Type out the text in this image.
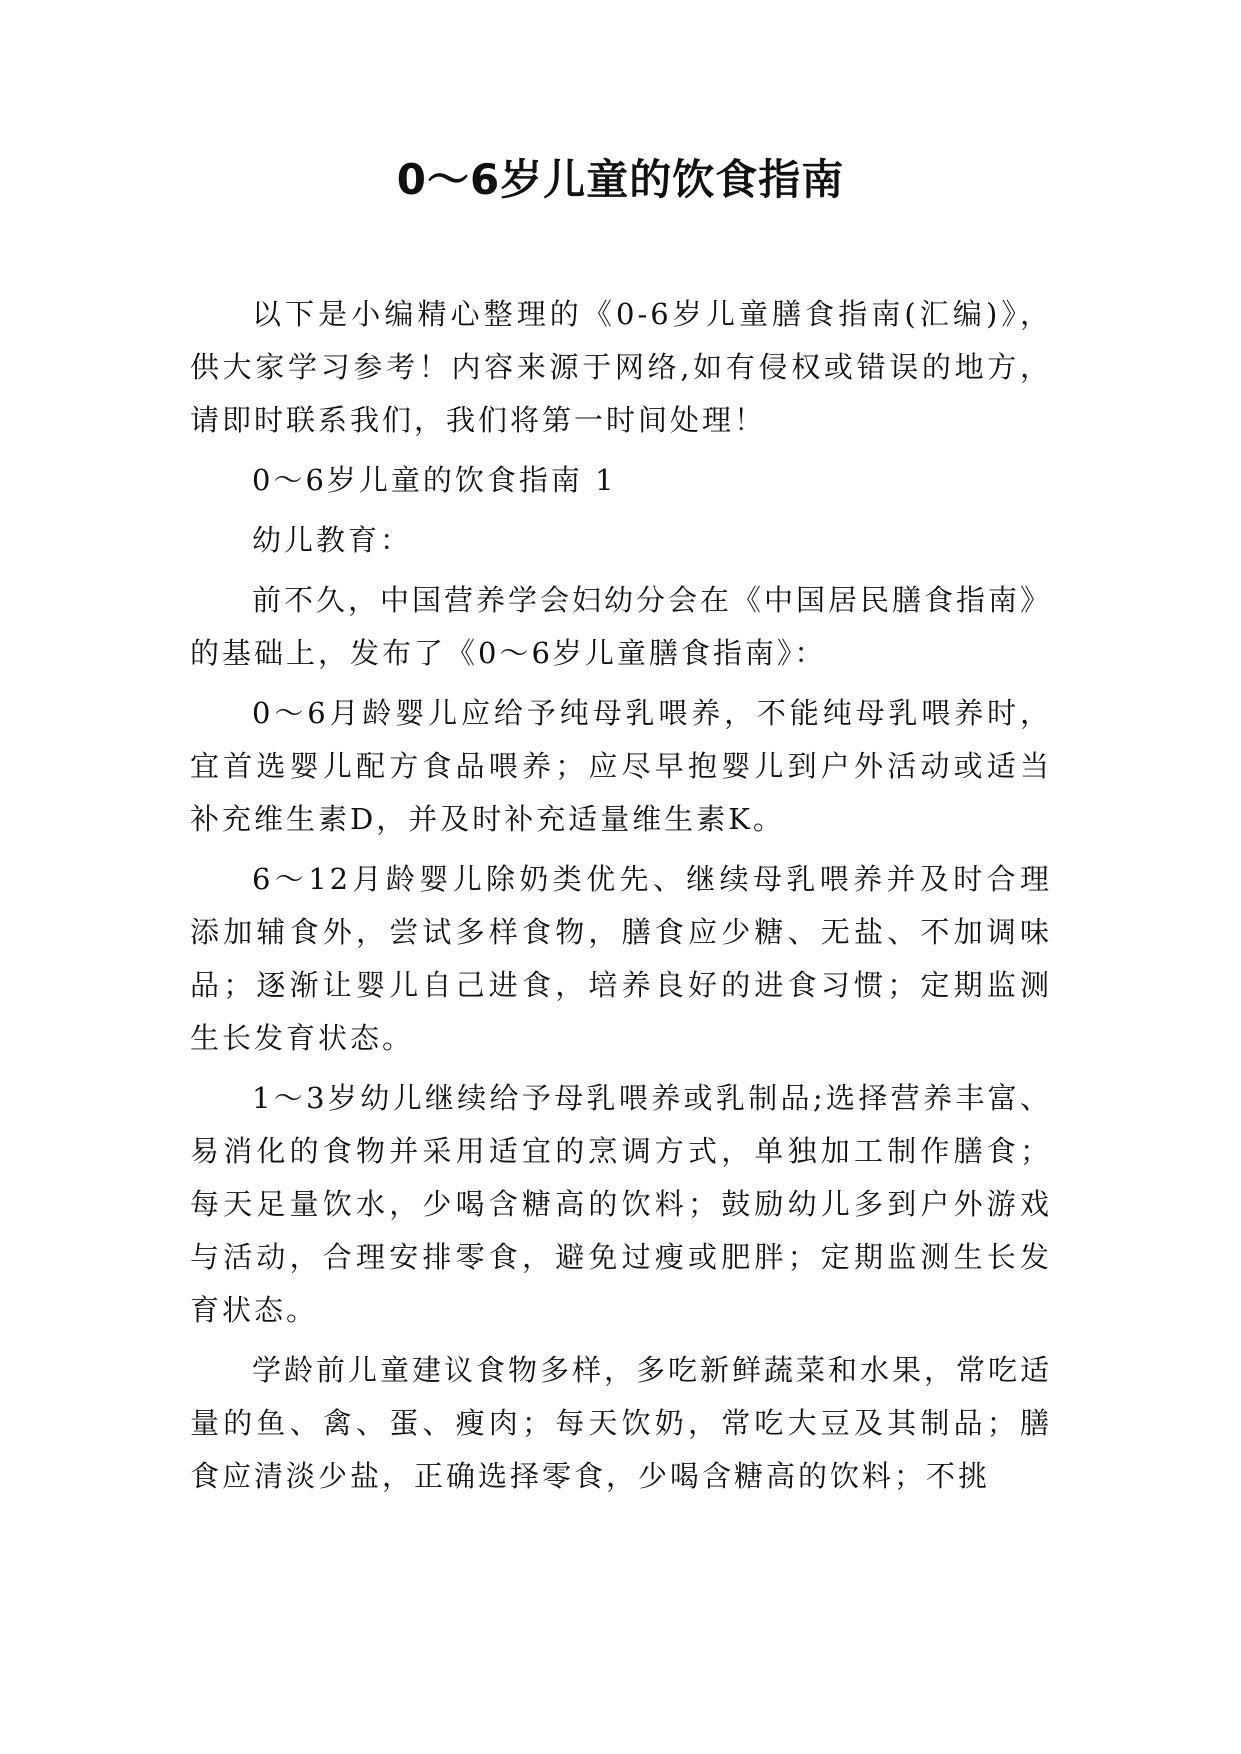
0～6岁儿童的饮食指南

以下是小编精心整理的《0-6岁儿童膳食指南(汇编)》，供大家学习参考！内容来源于网络,如有侵权或错误的地方，请即时联系我们，我们将第一时间处理！

0～6岁儿童的饮食指南 1

幼儿教育：

前不久，中国营养学会妇幼分会在《中国居民膳食指南》的基础上，发布了《0～6岁儿童膳食指南》：

0～6月龄婴儿应给予纯母乳喂养，不能纯母乳喂养时，宜首选婴儿配方食品喂养；应尽早抱婴儿到户外活动或适当补充维生素D，并及时补充适量维生素K。

6～12月龄婴儿除奶类优先、继续母乳喂养并及时合理添加辅食外，尝试多样食物，膳食应少糖、无盐、不加调味品；逐渐让婴儿自己进食，培养良好的进食习惯；定期监测生长发育状态。

1～3岁幼儿继续给予母乳喂养或乳制品;选择营养丰富、易消化的食物并采用适宜的烹调方式，单独加工制作膳食；每天足量饮水，少喝含糖高的饮料；鼓励幼儿多到户外游戏与活动，合理安排零食，避免过瘦或肥胖；定期监测生长发育状态。

学龄前儿童建议食物多样，多吃新鲜蔬菜和水果，常吃适量的鱼、禽、蛋、瘦肉；每天饮奶，常吃大豆及其制品；膳食应清淡少盐，正确选择零食，少喝含糖高的饮料；不挑
